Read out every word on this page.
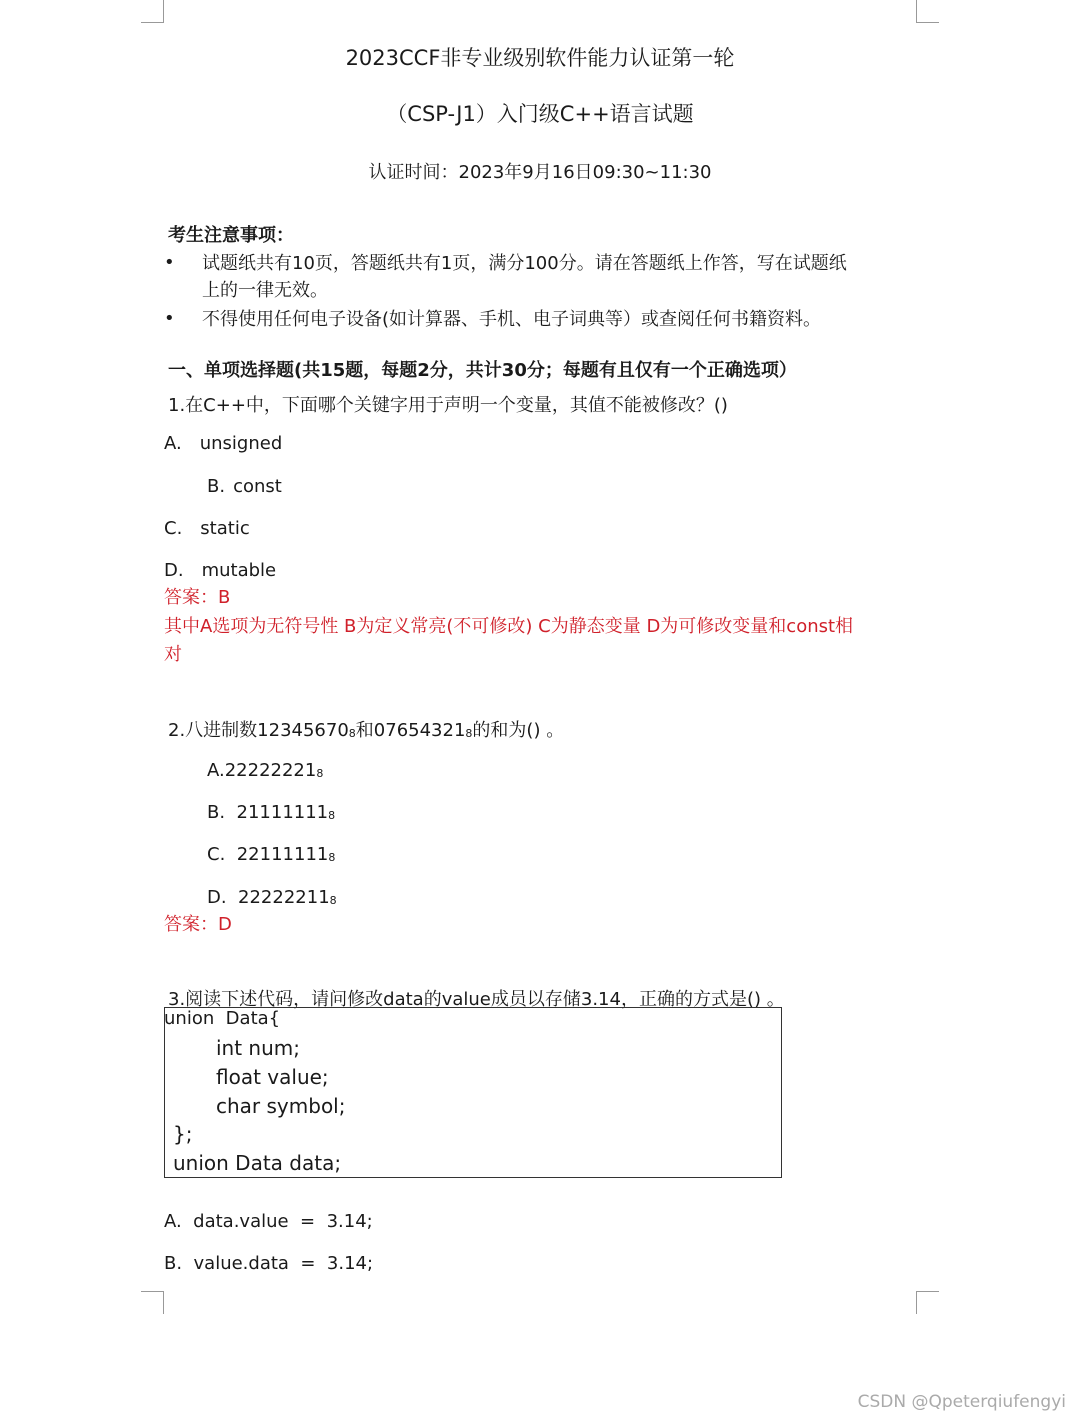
2023CCF非专业级别软件能力认证第一轮
（CSP-J1）入门级C++语言试题
认证时间：2023年9月16日09:30~11:30
考生注意事项：
• 试题纸共有10页，答题纸共有1页，满分100分。请在答题纸上作答，写在试题纸
上的一律无效。
• 不得使用任何电子设备(如计算器、手机、电子词典等）或查阅任何书籍资料。
一、单项选择题(共15题，每题2分，共计30分；每题有且仅有一个正确选项）
1.在C++中，下面哪个关键字用于声明一个变量，其值不能被修改？()
A. unsigned
B. const
C. static
D. mutable
答案：B
其中A选项为无符号性 B为定义常亮(不可修改) C为静态变量 D为可修改变量和const相
对
2.八进制数$12345670_8$和$07654321_8$的和为() 。
$A.22222221_8$
B.  $21111111_8$
C.  $22111111_8$
D.  $22222211_8$
答案：D
3.阅读下述代码，请问修改data的value成员以存储3.14，正确的方式是() 。
union  Data{
int num;
float value;
char symbol;
};
union Data data;
A.  data.value  =  3.14;
B.  value.data  =  3.14;
CSDN @Qpeterqiufengyi
